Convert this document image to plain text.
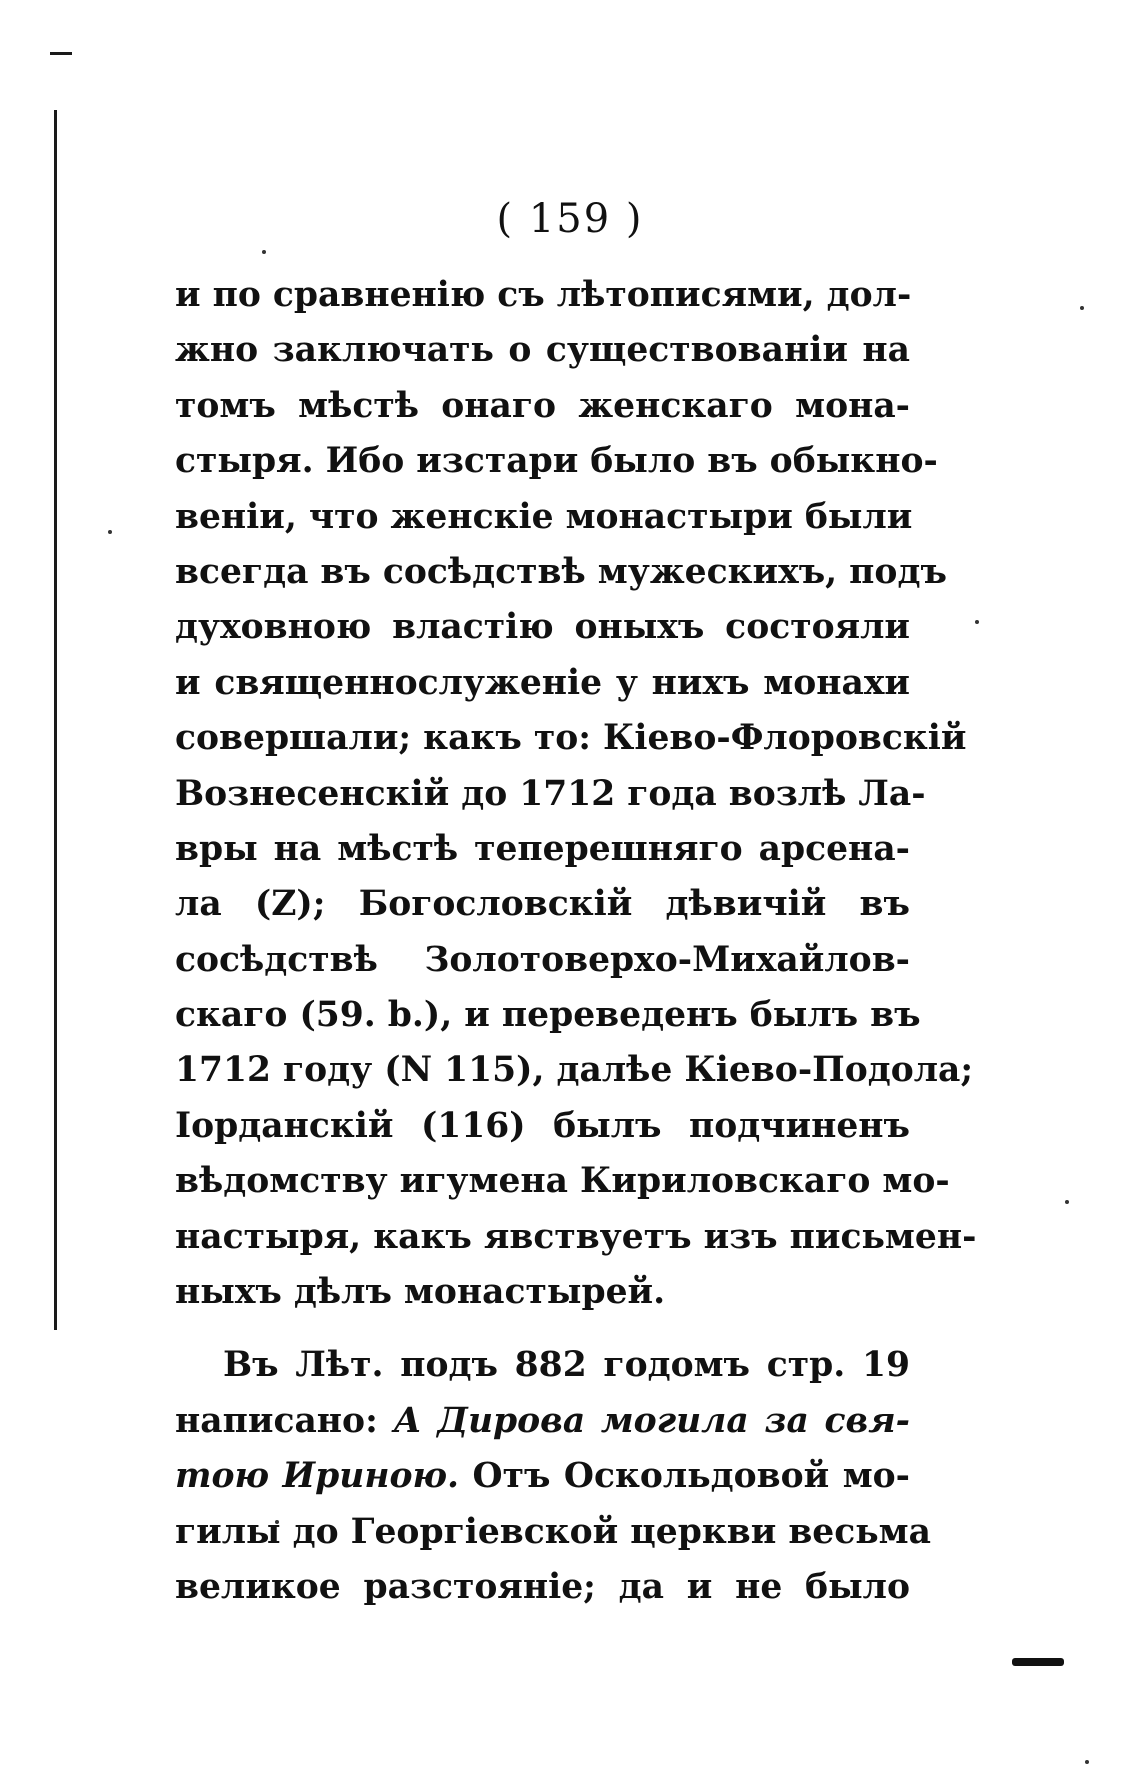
( 159 )
и по сравненію съ лѣтописями, дол-
жно заключать о существованіи на
томъ мѣстѣ онаго женскаго мона-
стыря. Ибо изстари было въ обыкно-
веніи, что женскіе монастыри были
всегда въ сосѣдствѣ мужескихъ, подъ
духовною властію оныхъ состояли
и священнослуженіе у нихъ монахи
совершали; какъ то: Кіево-Флоровскій
Вознесенскій до 1712 года возлѣ Ла-
вры на мѣстѣ теперешняго арсена-
ла (Z); Богословскій дѣвичій въ
сосѣдствѣ Золотоверхо-Михайлов-
скаго (59. b.), и переведенъ былъ въ
1712 году (N 115), далѣе Кіево-Подола;
Іорданскій (116) былъ подчиненъ
вѣдомству игумена Кириловскаго мо-
настыря, какъ явствуетъ изъ письмен-
ныхъ дѣлъ монастырей.
Въ Лѣт. подъ 882 годомъ стр. 19
написано: А Дирова могила за свя-
тою Ириною. Отъ Оскольдовой мо-
гилы до Георгіевской церкви весьма
великое разстояніе; да и не было
